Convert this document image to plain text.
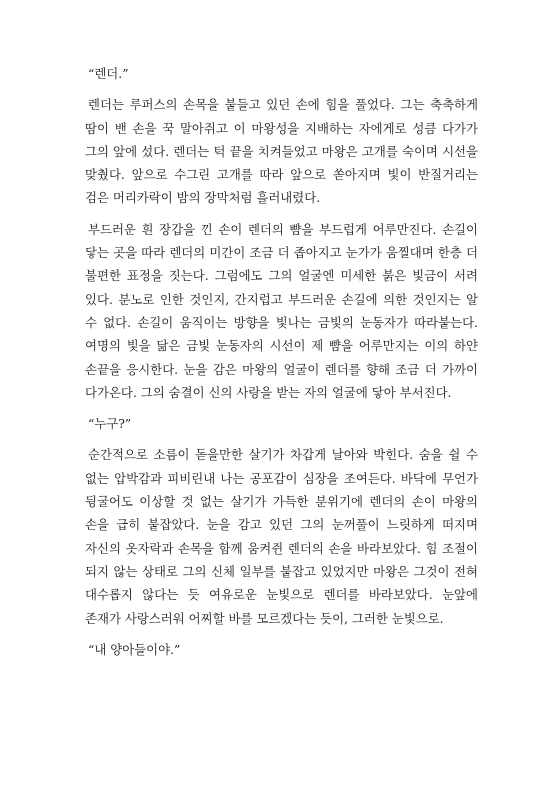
“렌더.”

렌더는 루퍼스의 손목을 붙들고 있던 손에 힘을 풀었다. 그는 축축하게 땀이 밴 손을 꾹 말아쥐고 이 마왕성을 지배하는 자에게로 성큼 다가가 그의 앞에 섰다. 렌더는 턱 끝을 치켜들었고 마왕은 고개를 숙이며 시선을 맞췄다. 앞으로 수그린 고개를 따라 앞으로 쏟아지며 빛이 반질거리는 검은 머리카락이 밤의 장막처럼 흘러내렸다.

부드러운 흰 장갑을 낀 손이 렌더의 뺨을 부드럽게 어루만진다. 손길이 닿는 곳을 따라 렌더의 미간이 조금 더 좁아지고 눈가가 움찔대며 한층 더 불편한 표정을 짓는다. 그럼에도 그의 얼굴엔 미세한 붉은 빛금이 서려 있다. 분노로 인한 것인지, 간지럽고 부드러운 손길에 의한 것인지는 알 수 없다. 손길이 움직이는 방향을 빛나는 금빛의 눈동자가 따라붙는다. 여명의 빛을 닮은 금빛 눈동자의 시선이 제 뺨을 어루만지는 이의 하얀 손끝을 응시한다. 눈을 감은 마왕의 얼굴이 렌더를 향해 조금 더 가까이 다가온다. 그의 숨결이 신의 사랑을 받는 자의 얼굴에 닿아 부서진다.

“누구?”

순간적으로 소름이 돋을만한 살기가 차갑게 날아와 박힌다. 숨을 쉴 수 없는 압박감과 피비린내 나는 공포감이 심장을 조여든다. 바닥에 무언가 뒹굴어도 이상할 것 없는 살기가 가득한 분위기에 렌더의 손이 마왕의 손을 급히 붙잡았다. 눈을 감고 있던 그의 눈꺼풀이 느릿하게 떠지며 자신의 옷자락과 손목을 함께 움켜쥔 렌더의 손을 바라보았다. 힘 조절이 되지 않는 상태로 그의 신체 일부를 붙잡고 있었지만 마왕은 그것이 전혀 대수롭지 않다는 듯 여유로운 눈빛으로 렌더를 바라보았다. 눈앞에 존재가 사랑스러워 어찌할 바를 모르겠다는 듯이, 그러한 눈빛으로.

“내 양아들이야.”
